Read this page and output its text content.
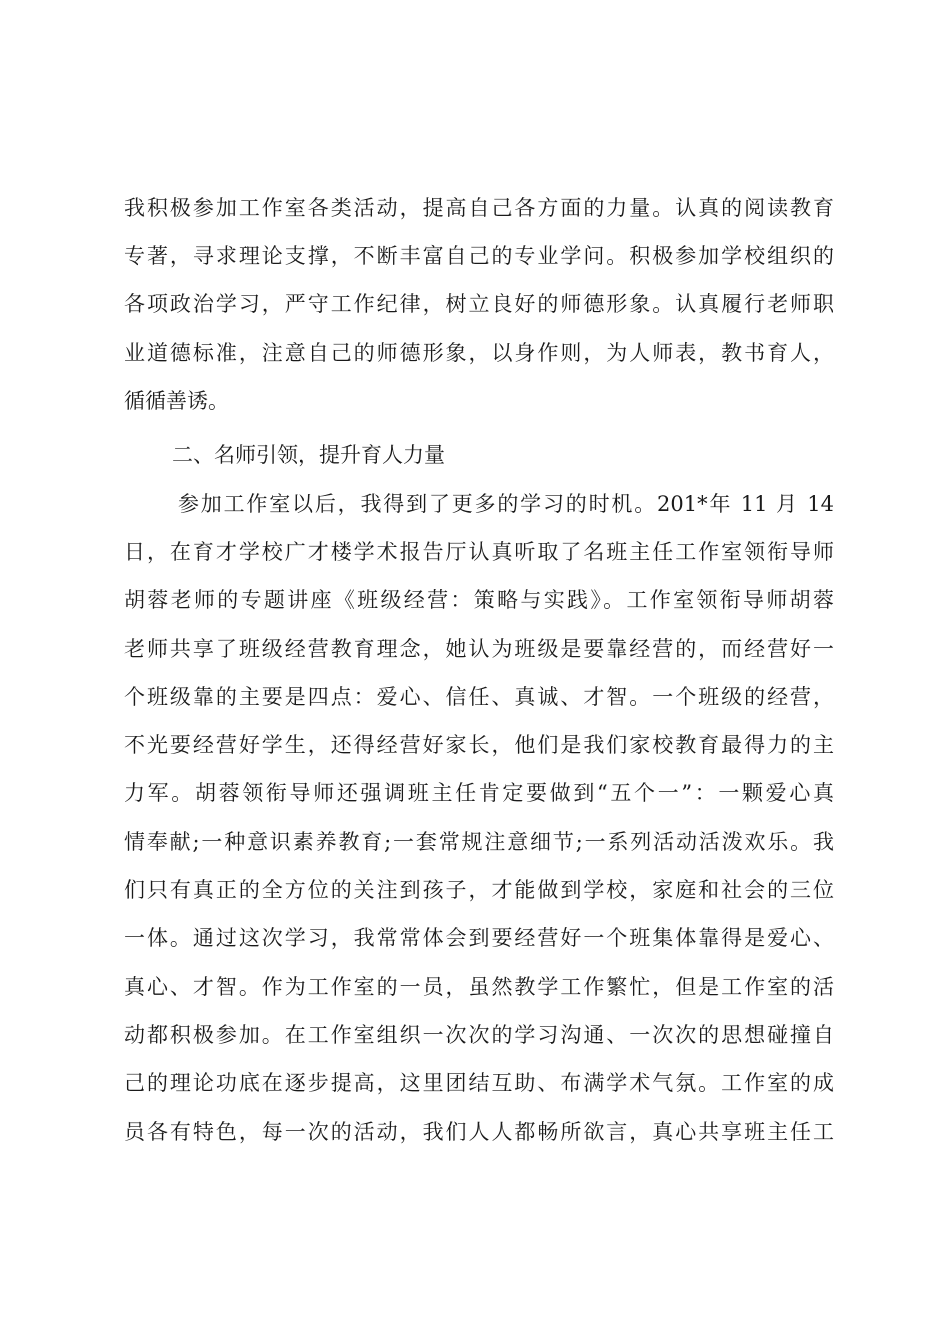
我积极参加工作室各类活动，提高自己各方面的力量。认真的阅读教育
专著，寻求理论支撑，不断丰富自己的专业学问。积极参加学校组织的
各项政治学习，严守工作纪律，树立良好的师德形象。认真履行老师职
业道德标准，注意自己的师德形象，以身作则，为人师表，教书育人，
循循善诱。
二、名师引领，提升育人力量
参加工作室以后，我得到了更多的学习的时机。201*年 11 月 14
日，在育才学校广才楼学术报告厅认真听取了名班主任工作室领衔导师
胡蓉老师的专题讲座《班级经营：策略与实践》。工作室领衔导师胡蓉
老师共享了班级经营教育理念，她认为班级是要靠经营的，而经营好一
个班级靠的主要是四点：爱心、信任、真诚、才智。一个班级的经营，
不光要经营好学生，还得经营好家长，他们是我们家校教育最得力的主
力军。胡蓉领衔导师还强调班主任肯定要做到“五个一”：一颗爱心真
情奉献;一种意识素养教育;一套常规注意细节;一系列活动活泼欢乐。我
们只有真正的全方位的关注到孩子，才能做到学校，家庭和社会的三位
一体。通过这次学习，我常常体会到要经营好一个班集体靠得是爱心、
真心、才智。作为工作室的一员，虽然教学工作繁忙，但是工作室的活
动都积极参加。在工作室组织一次次的学习沟通、一次次的思想碰撞自
己的理论功底在逐步提高，这里团结互助、布满学术气氛。工作室的成
员各有特色，每一次的活动，我们人人都畅所欲言，真心共享班主任工
